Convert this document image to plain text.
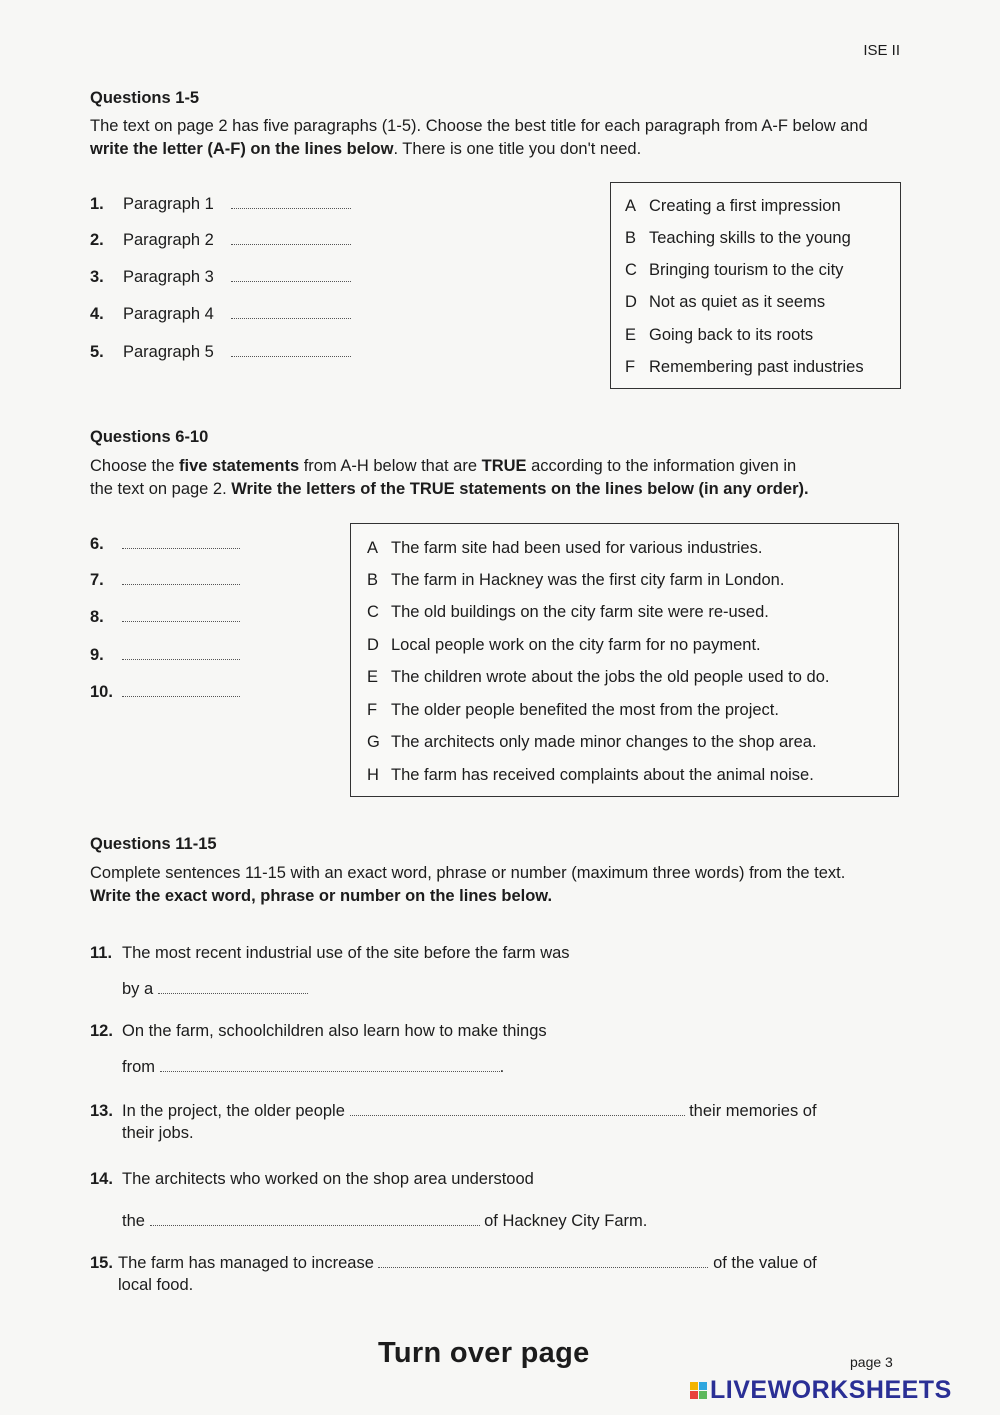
ISE II
Questions 1-5
The text on page 2 has five paragraphs (1-5). Choose the best title for each paragraph from A-F below and write the letter (A-F) on the lines below. There is one title you don't need.
1.	Paragraph 1
2.	Paragraph 2
3.	Paragraph 3
4.	Paragraph 4
5.	Paragraph 5
A Creating a first impression
B Teaching skills to the young
C Bringing tourism to the city
D Not as quiet as it seems
E Going back to its roots
F Remembering past industries
Questions 6-10
Choose the five statements from A-H below that are TRUE according to the information given in
the text on page 2. Write the letters of the TRUE statements on the lines below (in any order).
6.
7.
8.
9.
10.
A The farm site had been used for various industries.
B The farm in Hackney was the first city farm in London.
C The old buildings on the city farm site were re-used.
D Local people work on the city farm for no payment.
E The children wrote about the jobs the old people used to do.
F The older people benefited the most from the project.
G The architects only made minor changes to the shop area.
H The farm has received complaints about the animal noise.
Questions 11-15
Complete sentences 11-15 with an exact word, phrase or number (maximum three words) from the text.
Write the exact word, phrase or number on the lines below.
11. The most recent industrial use of the site before the farm was
by a
12. On the farm, schoolchildren also learn how to make things
from	.
13. In the project, the older people	their memories of
their jobs.
14. The architects who worked on the shop area understood
the	of Hackney City Farm.
15. The farm has managed to increase	of the value of
local food.
Turn over page	page 3
LIVEWORKSHEETS
